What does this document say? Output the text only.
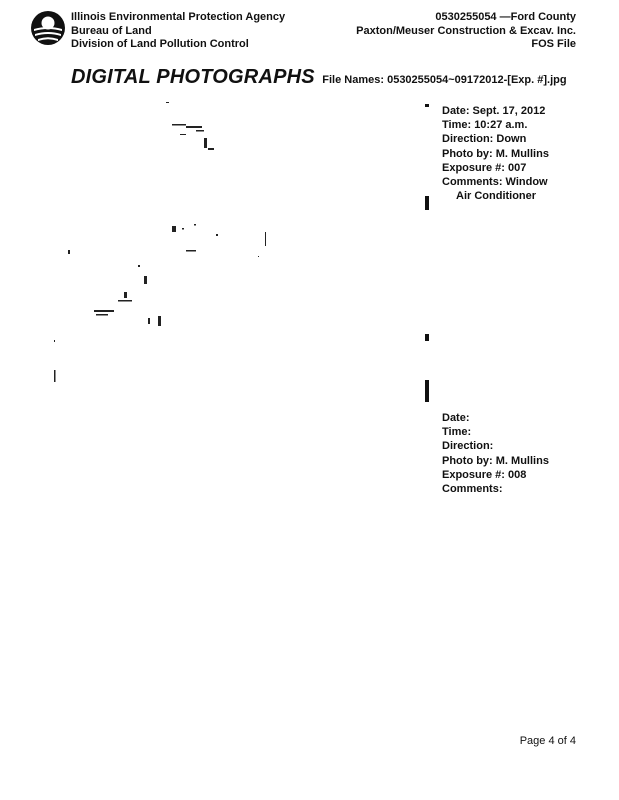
Illinois Environmental Protection Agency
Bureau of Land
Division of Land Pollution Control
0530255054 —Ford County
Paxton/Meuser Construction & Excav. Inc.
FOS File
DIGITAL PHOTOGRAPHS File Names: 0530255054~09172012-[Exp. #].jpg
Date: Sept. 17, 2012
Time: 10:27 a.m.
Direction: Down
Photo by: M. Mullins
Exposure #: 007
Comments: Window
Air Conditioner
Date:
Time:
Direction:
Photo by: M. Mullins
Exposure #: 008
Comments:
Page 4 of 4
